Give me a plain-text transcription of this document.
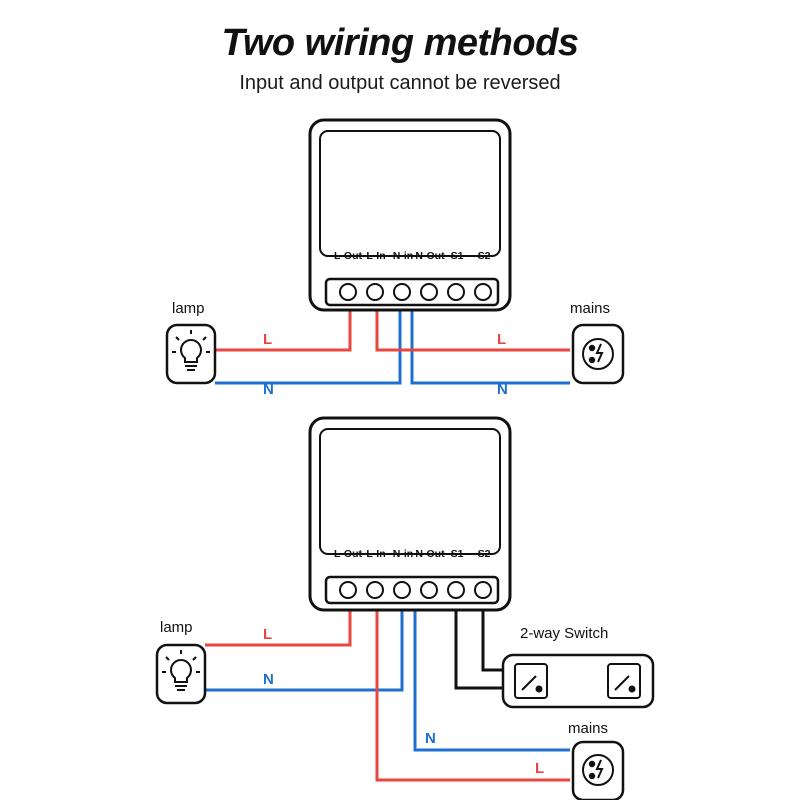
Two wiring methods
Input and output cannot be reversed
L-Out L-In N-in N-Out S1 S2
lamp	mains
L
N
L
N
L-Out L-In N-in N-Out S1 S2
lamp	2-way Switch
mains
L
N
N
L
